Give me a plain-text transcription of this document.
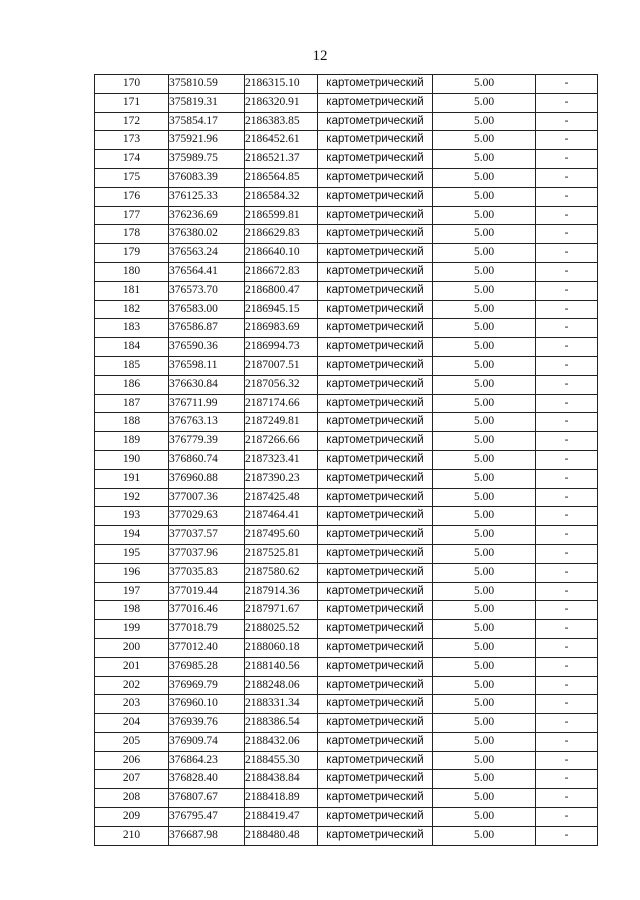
12
170	375810.59	2186315.10	картометрический	5.00	-
171	375819.31	2186320.91	картометрический	5.00	-
172	375854.17	2186383.85	картометрический	5.00	-
173	375921.96	2186452.61	картометрический	5.00	-
174	375989.75	2186521.37	картометрический	5.00	-
175	376083.39	2186564.85	картометрический	5.00	-
176	376125.33	2186584.32	картометрический	5.00	-
177	376236.69	2186599.81	картометрический	5.00	-
178	376380.02	2186629.83	картометрический	5.00	-
179	376563.24	2186640.10	картометрический	5.00	-
180	376564.41	2186672.83	картометрический	5.00	-
181	376573.70	2186800.47	картометрический	5.00	-
182	376583.00	2186945.15	картометрический	5.00	-
183	376586.87	2186983.69	картометрический	5.00	-
184	376590.36	2186994.73	картометрический	5.00	-
185	376598.11	2187007.51	картометрический	5.00	-
186	376630.84	2187056.32	картометрический	5.00	-
187	376711.99	2187174.66	картометрический	5.00	-
188	376763.13	2187249.81	картометрический	5.00	-
189	376779.39	2187266.66	картометрический	5.00	-
190	376860.74	2187323.41	картометрический	5.00	-
191	376960.88	2187390.23	картометрический	5.00	-
192	377007.36	2187425.48	картометрический	5.00	-
193	377029.63	2187464.41	картометрический	5.00	-
194	377037.57	2187495.60	картометрический	5.00	-
195	377037.96	2187525.81	картометрический	5.00	-
196	377035.83	2187580.62	картометрический	5.00	-
197	377019.44	2187914.36	картометрический	5.00	-
198	377016.46	2187971.67	картометрический	5.00	-
199	377018.79	2188025.52	картометрический	5.00	-
200	377012.40	2188060.18	картометрический	5.00	-
201	376985.28	2188140.56	картометрический	5.00	-
202	376969.79	2188248.06	картометрический	5.00	-
203	376960.10	2188331.34	картометрический	5.00	-
204	376939.76	2188386.54	картометрический	5.00	-
205	376909.74	2188432.06	картометрический	5.00	-
206	376864.23	2188455.30	картометрический	5.00	-
207	376828.40	2188438.84	картометрический	5.00	-
208	376807.67	2188418.89	картометрический	5.00	-
209	376795.47	2188419.47	картометрический	5.00	-
210	376687.98	2188480.48	картометрический	5.00	-
